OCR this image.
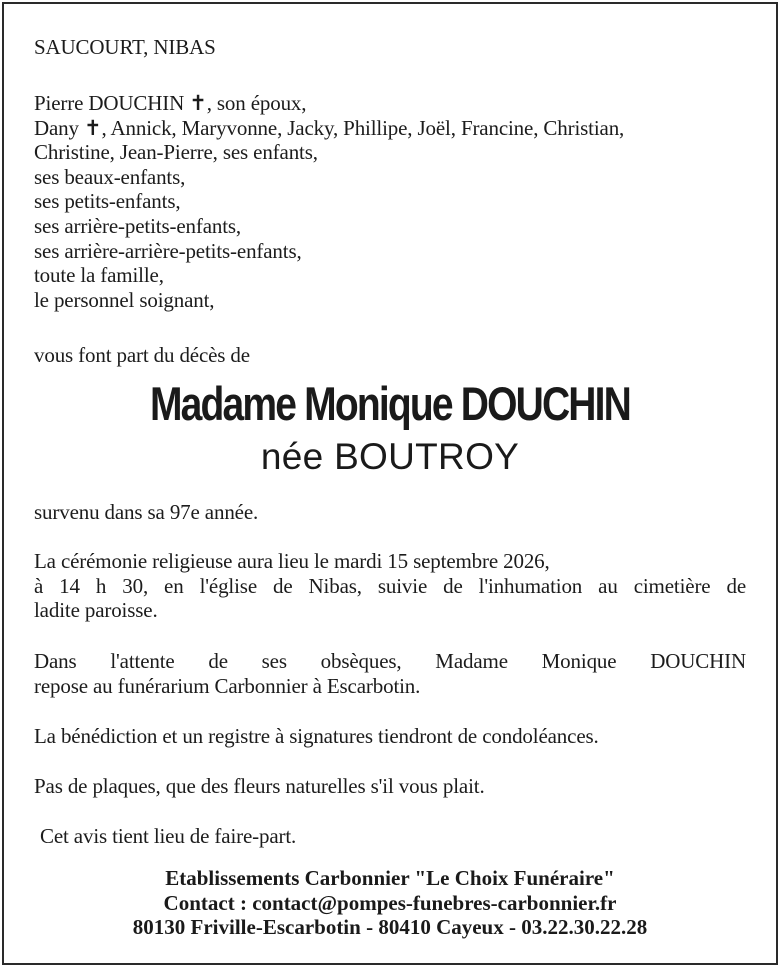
SAUCOURT, NIBAS
Pierre DOUCHIN ✝, son époux,
Dany ✝, Annick, Maryvonne, Jacky, Phillipe, Joël, Francine, Christian,
Christine, Jean-Pierre, ses enfants,
ses beaux-enfants,
ses petits-enfants,
ses arrière-petits-enfants,
ses arrière-arrière-petits-enfants,
toute la famille,
le personnel soignant,
vous font part du décès de
Madame Monique DOUCHIN
née BOUTROY
survenu dans sa 97e année.
La cérémonie religieuse aura lieu le mardi 15 septembre 2026,
à 14 h 30, en l'église de Nibas, suivie de l'inhumation au cimetière de
ladite paroisse.
Dans l'attente de ses obsèques, Madame Monique DOUCHIN
repose au funérarium Carbonnier à Escarbotin.
La bénédiction et un registre à signatures tiendront de condoléances.
Pas de plaques, que des fleurs naturelles s'il vous plait.
Cet avis tient lieu de faire-part.
Etablissements Carbonnier "Le Choix Funéraire"
Contact : contact@pompes-funebres-carbonnier.fr
80130 Friville-Escarbotin - 80410 Cayeux - 03.22.30.22.28
